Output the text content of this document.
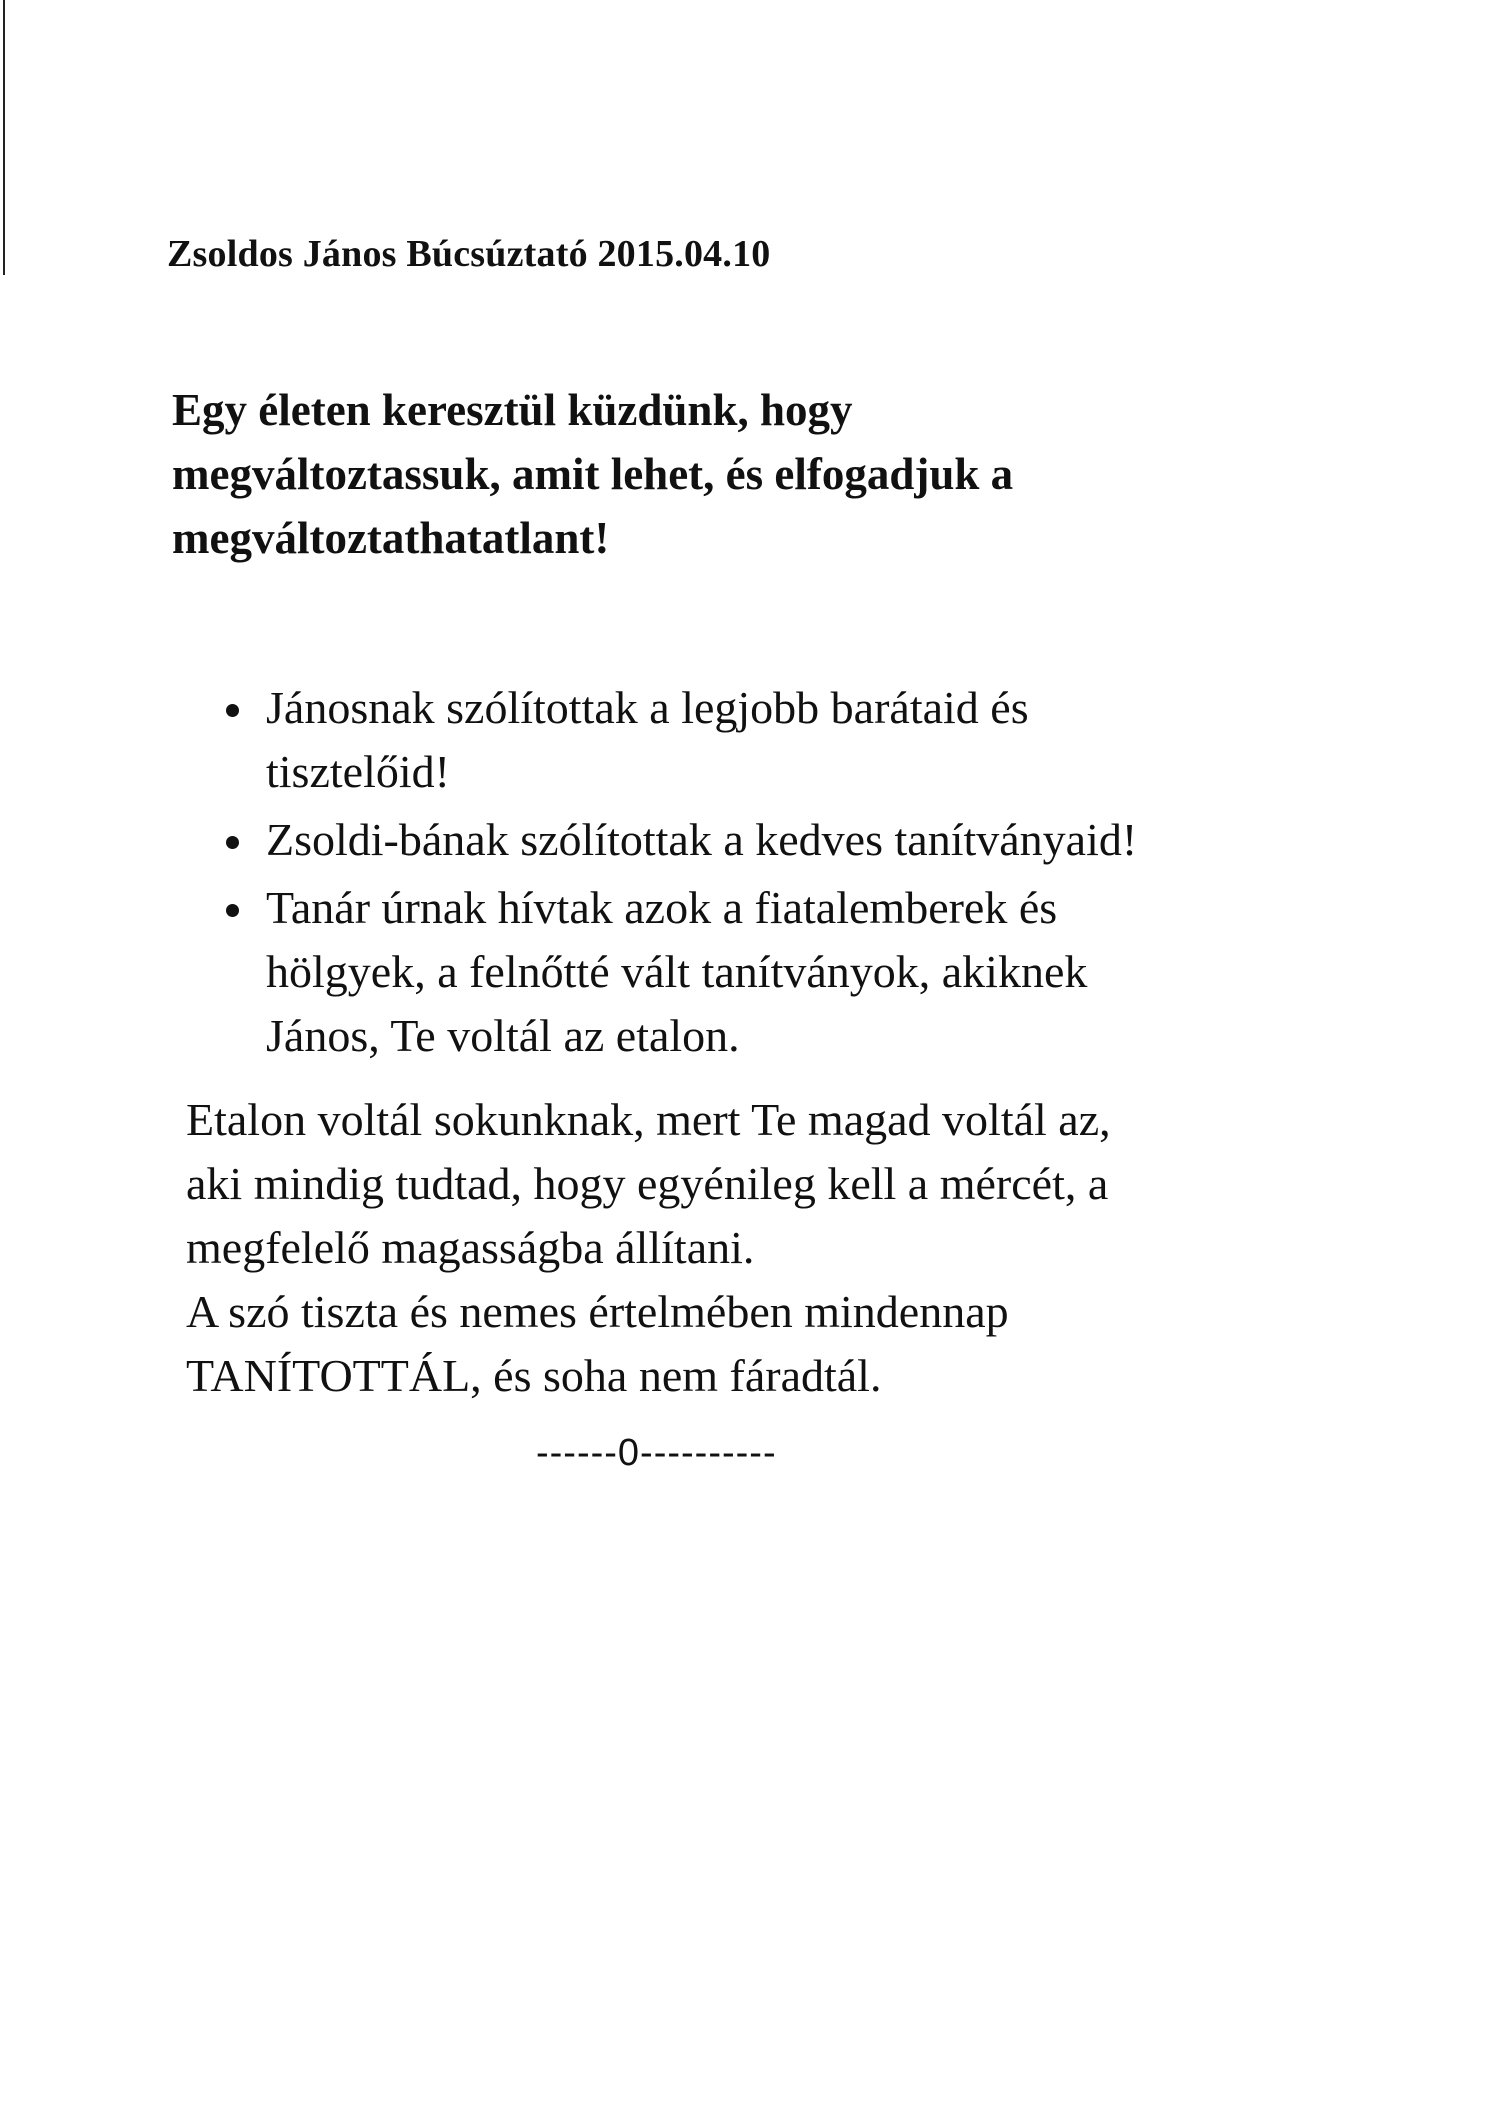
Zsoldos János Búcsúztató 2015.04.10
Egy életen keresztül küzdünk, hogy
megváltoztassuk, amit lehet, és elfogadjuk a
megváltoztathatatlant!
Jánosnak szólítottak a legjobb barátaid és
tisztelőid!
Zsoldi-bának szólítottak a kedves tanítványaid!
Tanár úrnak hívtak azok a fiatalemberek és
hölgyek, a felnőtté vált tanítványok, akiknek
János, Te voltál az etalon.
Etalon voltál sokunknak, mert Te magad voltál az,
aki mindig tudtad, hogy egyénileg kell a mércét, a
megfelelő magasságba állítani.
A szó tiszta és nemes értelmében mindennap
TANÍTOTTÁL, és soha nem fáradtál.
------0----------
